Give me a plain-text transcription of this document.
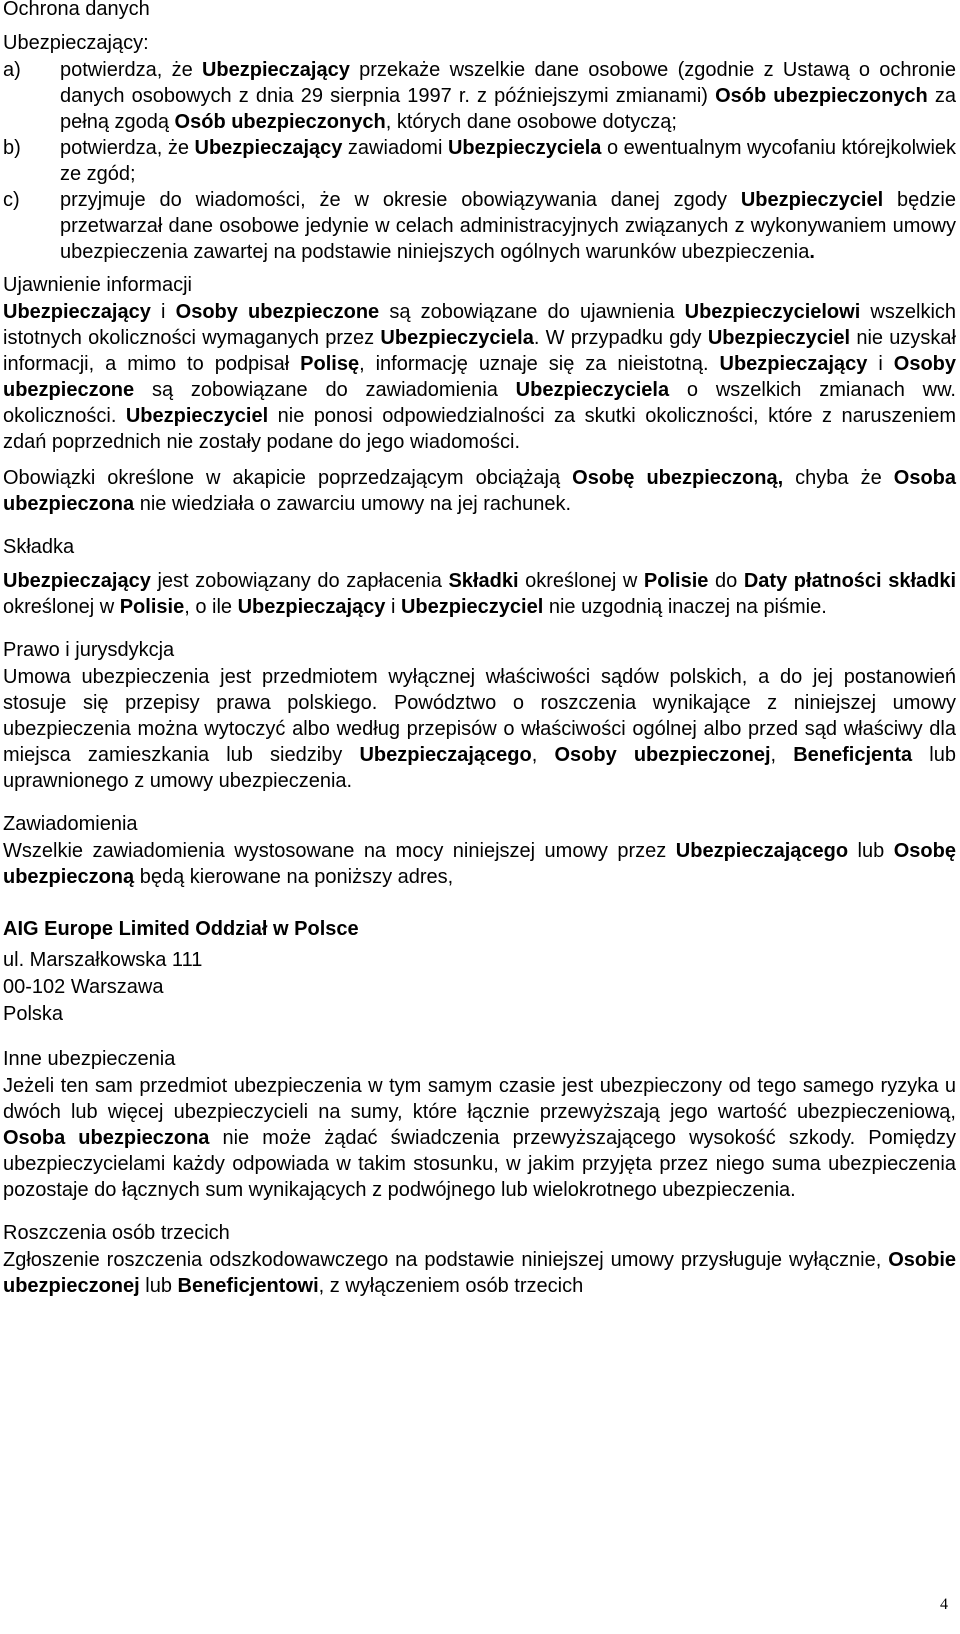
Ochrona danych
Ubezpieczający:
a)	potwierdza, że Ubezpieczający przekaże wszelkie dane osobowe (zgodnie z Ustawą o ochronie danych osobowych z dnia 29 sierpnia 1997 r. z późniejszymi zmianami) Osób ubezpieczonych za pełną zgodą Osób ubezpieczonych, których dane osobowe dotyczą;
b)	potwierdza, że Ubezpieczający zawiadomi Ubezpieczyciela o ewentualnym wycofaniu którejkolwiek ze zgód;
c)	przyjmuje do wiadomości, że w okresie obowiązywania danej zgody Ubezpieczyciel będzie przetwarzał dane osobowe jedynie w celach administracyjnych związanych z wykonywaniem umowy ubezpieczenia zawartej na podstawie niniejszych ogólnych warunków ubezpieczenia.
Ujawnienie informacji

Ubezpieczający i Osoby ubezpieczone są zobowiązane do ujawnienia Ubezpieczycielowi wszelkich istotnych okoliczności wymaganych przez Ubezpieczyciela. W przypadku gdy Ubezpieczyciel nie uzyskał informacji, a mimo to podpisał Polisę, informację uznaje się za nieistotną. Ubezpieczający i Osoby ubezpieczone są zobowiązane do zawiadomienia Ubezpieczyciela o wszelkich zmianach ww. okoliczności. Ubezpieczyciel nie ponosi odpowiedzialności za skutki okoliczności, które z naruszeniem zdań poprzednich nie zostały podane do jego wiadomości.

Obowiązki określone w akapicie poprzedzającym obciążają Osobę ubezpieczoną, chyba że Osoba ubezpieczona nie wiedziała o zawarciu umowy na jej rachunek.

Składka

Ubezpieczający jest zobowiązany do zapłacenia Składki określonej w Polisie do Daty płatności składki określonej w Polisie, o ile Ubezpieczający i Ubezpieczyciel nie uzgodnią inaczej na piśmie.

Prawo i jurysdykcja

Umowa ubezpieczenia jest przedmiotem wyłącznej właściwości sądów polskich, a do jej postanowień stosuje się przepisy prawa polskiego. Powództwo o roszczenia wynikające z niniejszej umowy ubezpieczenia można wytoczyć albo według przepisów o właściwości ogólnej albo przed sąd właściwy dla miejsca zamieszkania lub siedziby Ubezpieczającego, Osoby ubezpieczonej, Beneficjenta lub uprawnionego z umowy ubezpieczenia.

Zawiadomienia

Wszelkie zawiadomienia wystosowane na mocy niniejszej umowy przez Ubezpieczającego lub Osobę ubezpieczoną będą kierowane na poniższy adres,

AIG Europe Limited Oddział w Polsce
ul. Marszałkowska 111
00-102 Warszawa
Polska
Inne ubezpieczenia

Jeżeli ten sam przedmiot ubezpieczenia w tym samym czasie jest ubezpieczony od tego samego ryzyka u dwóch lub więcej ubezpieczycieli na sumy, które łącznie przewyższają jego wartość ubezpieczeniową, Osoba ubezpieczona nie może żądać świadczenia przewyższającego wysokość szkody. Pomiędzy ubezpieczycielami każdy odpowiada w takim stosunku, w jakim przyjęta przez niego suma ubezpieczenia pozostaje do łącznych sum wynikających z podwójnego lub wielokrotnego ubezpieczenia.

Roszczenia osób trzecich

Zgłoszenie roszczenia odszkodowawczego na podstawie niniejszej umowy przysługuje wyłącznie, Osobie ubezpieczonej lub Beneficjentowi, z wyłączeniem osób trzecich

4
